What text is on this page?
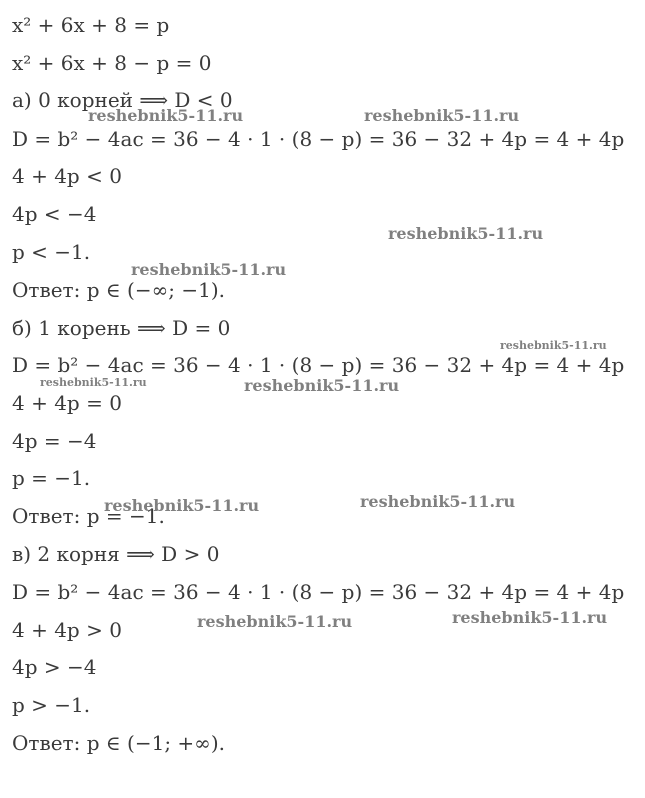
x² + 6x + 8 = p
x² + 6x + 8 − p = 0
а) 0 корней ⟹ D < 0
D = b² − 4ac = 36 − 4 · 1 · (8 − p) = 36 − 32 + 4p = 4 + 4p
4 + 4p < 0
4p < −4
p < −1.
Ответ: p ∈ (−∞; −1).
б) 1 корень ⟹ D = 0
D = b² − 4ac = 36 − 4 · 1 · (8 − p) = 36 − 32 + 4p = 4 + 4p
4 + 4p = 0
4p = −4
p = −1.
Ответ: p = −1.
в) 2 корня ⟹ D > 0
D = b² − 4ac = 36 − 4 · 1 · (8 − p) = 36 − 32 + 4p = 4 + 4p
4 + 4p > 0
4p > −4
p > −1.
Ответ: p ∈ (−1; +∞).
reshebnik5-11.ru	reshebnik5-11.ru
reshebnik5-11.ru
reshebnik5-11.ru
reshebnik5-11.ru
reshebnik5-11.ru	reshebnik5-11.ru
reshebnik5-11.ru	reshebnik5-11.ru
reshebnik5-11.ru
reshebnik5-11.ru
